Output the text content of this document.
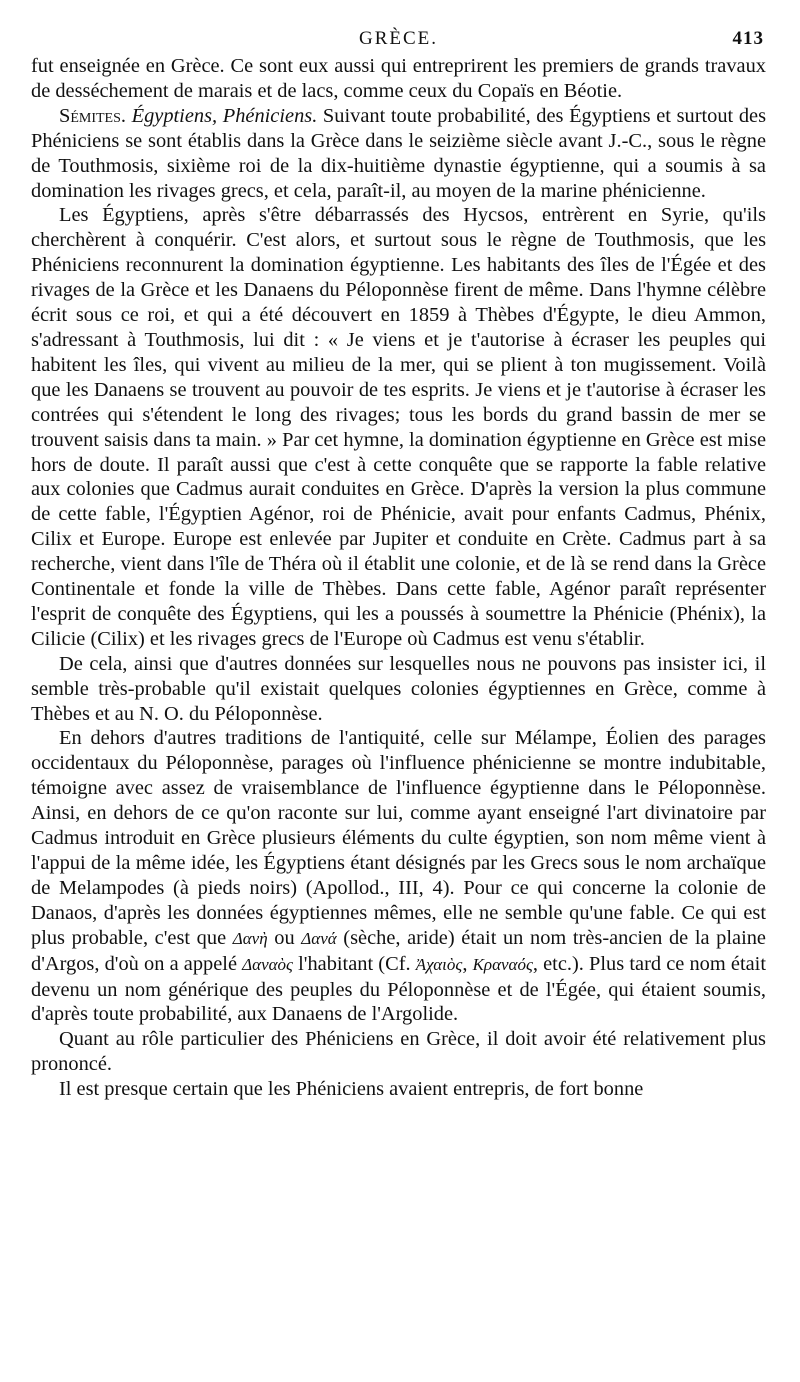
GRÈCE.	413

fut enseignée en Grèce. Ce sont eux aussi qui entreprirent les premiers de grands travaux de desséchement de marais et de lacs, comme ceux du Copaïs en Béotie.

Sémites. Égyptiens, Phéniciens. Suivant toute probabilité, des Égyptiens et surtout des Phéniciens se sont établis dans la Grèce dans le seizième siècle avant J.-C., sous le règne de Touthmosis, sixième roi de la dix-huitième dynastie égyptienne, qui a soumis à sa domination les rivages grecs, et cela, paraît-il, au moyen de la marine phénicienne.

Les Égyptiens, après s'être débarrassés des Hycsos, entrèrent en Syrie, qu'ils cherchèrent à conquérir. C'est alors, et surtout sous le règne de Touthmosis, que les Phéniciens reconnurent la domination égyptienne. Les habitants des îles de l'Égée et des rivages de la Grèce et les Danaens du Péloponnèse firent de même. Dans l'hymne célèbre écrit sous ce roi, et qui a été découvert en 1859 à Thèbes d'Égypte, le dieu Ammon, s'adressant à Touthmosis, lui dit : « Je viens et je t'autorise à écraser les peuples qui habitent les îles, qui vivent au milieu de la mer, qui se plient à ton mugissement. Voilà que les Danaens se trouvent au pouvoir de tes esprits. Je viens et je t'autorise à écraser les contrées qui s'étendent le long des rivages; tous les bords du grand bassin de mer se trouvent saisis dans ta main. » Par cet hymne, la domination égyptienne en Grèce est mise hors de doute. Il paraît aussi que c'est à cette conquête que se rapporte la fable relative aux colonies que Cadmus aurait conduites en Grèce. D'après la version la plus commune de cette fable, l'Égyptien Agénor, roi de Phénicie, avait pour enfants Cadmus, Phénix, Cilix et Europe. Europe est enlevée par Jupiter et conduite en Crète. Cadmus part à sa recherche, vient dans l'île de Théra où il établit une colonie, et de là se rend dans la Grèce Continentale et fonde la ville de Thèbes. Dans cette fable, Agénor paraît représenter l'esprit de conquête des Égyptiens, qui les a poussés à soumettre la Phénicie (Phénix), la Cilicie (Cilix) et les rivages grecs de l'Europe où Cadmus est venu s'établir.

De cela, ainsi que d'autres données sur lesquelles nous ne pouvons pas insister ici, il semble très-probable qu'il existait quelques colonies égyptiennes en Grèce, comme à Thèbes et au N. O. du Péloponnèse.

En dehors d'autres traditions de l'antiquité, celle sur Mélampe, Éolien des parages occidentaux du Péloponnèse, parages où l'influence phénicienne se montre indubitable, témoigne avec assez de vraisemblance de l'influence égyptienne dans le Péloponnèse. Ainsi, en dehors de ce qu'on raconte sur lui, comme ayant enseigné l'art divinatoire par Cadmus introduit en Grèce plusieurs éléments du culte égyptien, son nom même vient à l'appui de la même idée, les Égyptiens étant désignés par les Grecs sous le nom archaïque de Melampodes (à pieds noirs) (Apollod., III, 4). Pour ce qui concerne la colonie de Danaos, d'après les données égyptiennes mêmes, elle ne semble qu'une fable. Ce qui est plus probable, c'est que Δανὴ ou Δανά (sèche, aride) était un nom très-ancien de la plaine d'Argos, d'où on a appelé Δαναὸς l'habitant (Cf. Ἀχαιὸς, Κραναός, etc.). Plus tard ce nom était devenu un nom générique des peuples du Péloponnèse et de l'Égée, qui étaient soumis, d'après toute probabilité, aux Danaens de l'Argolide.

Quant au rôle particulier des Phéniciens en Grèce, il doit avoir été relativement plus prononcé.

Il est presque certain que les Phéniciens avaient entrepris, de fort bonne
